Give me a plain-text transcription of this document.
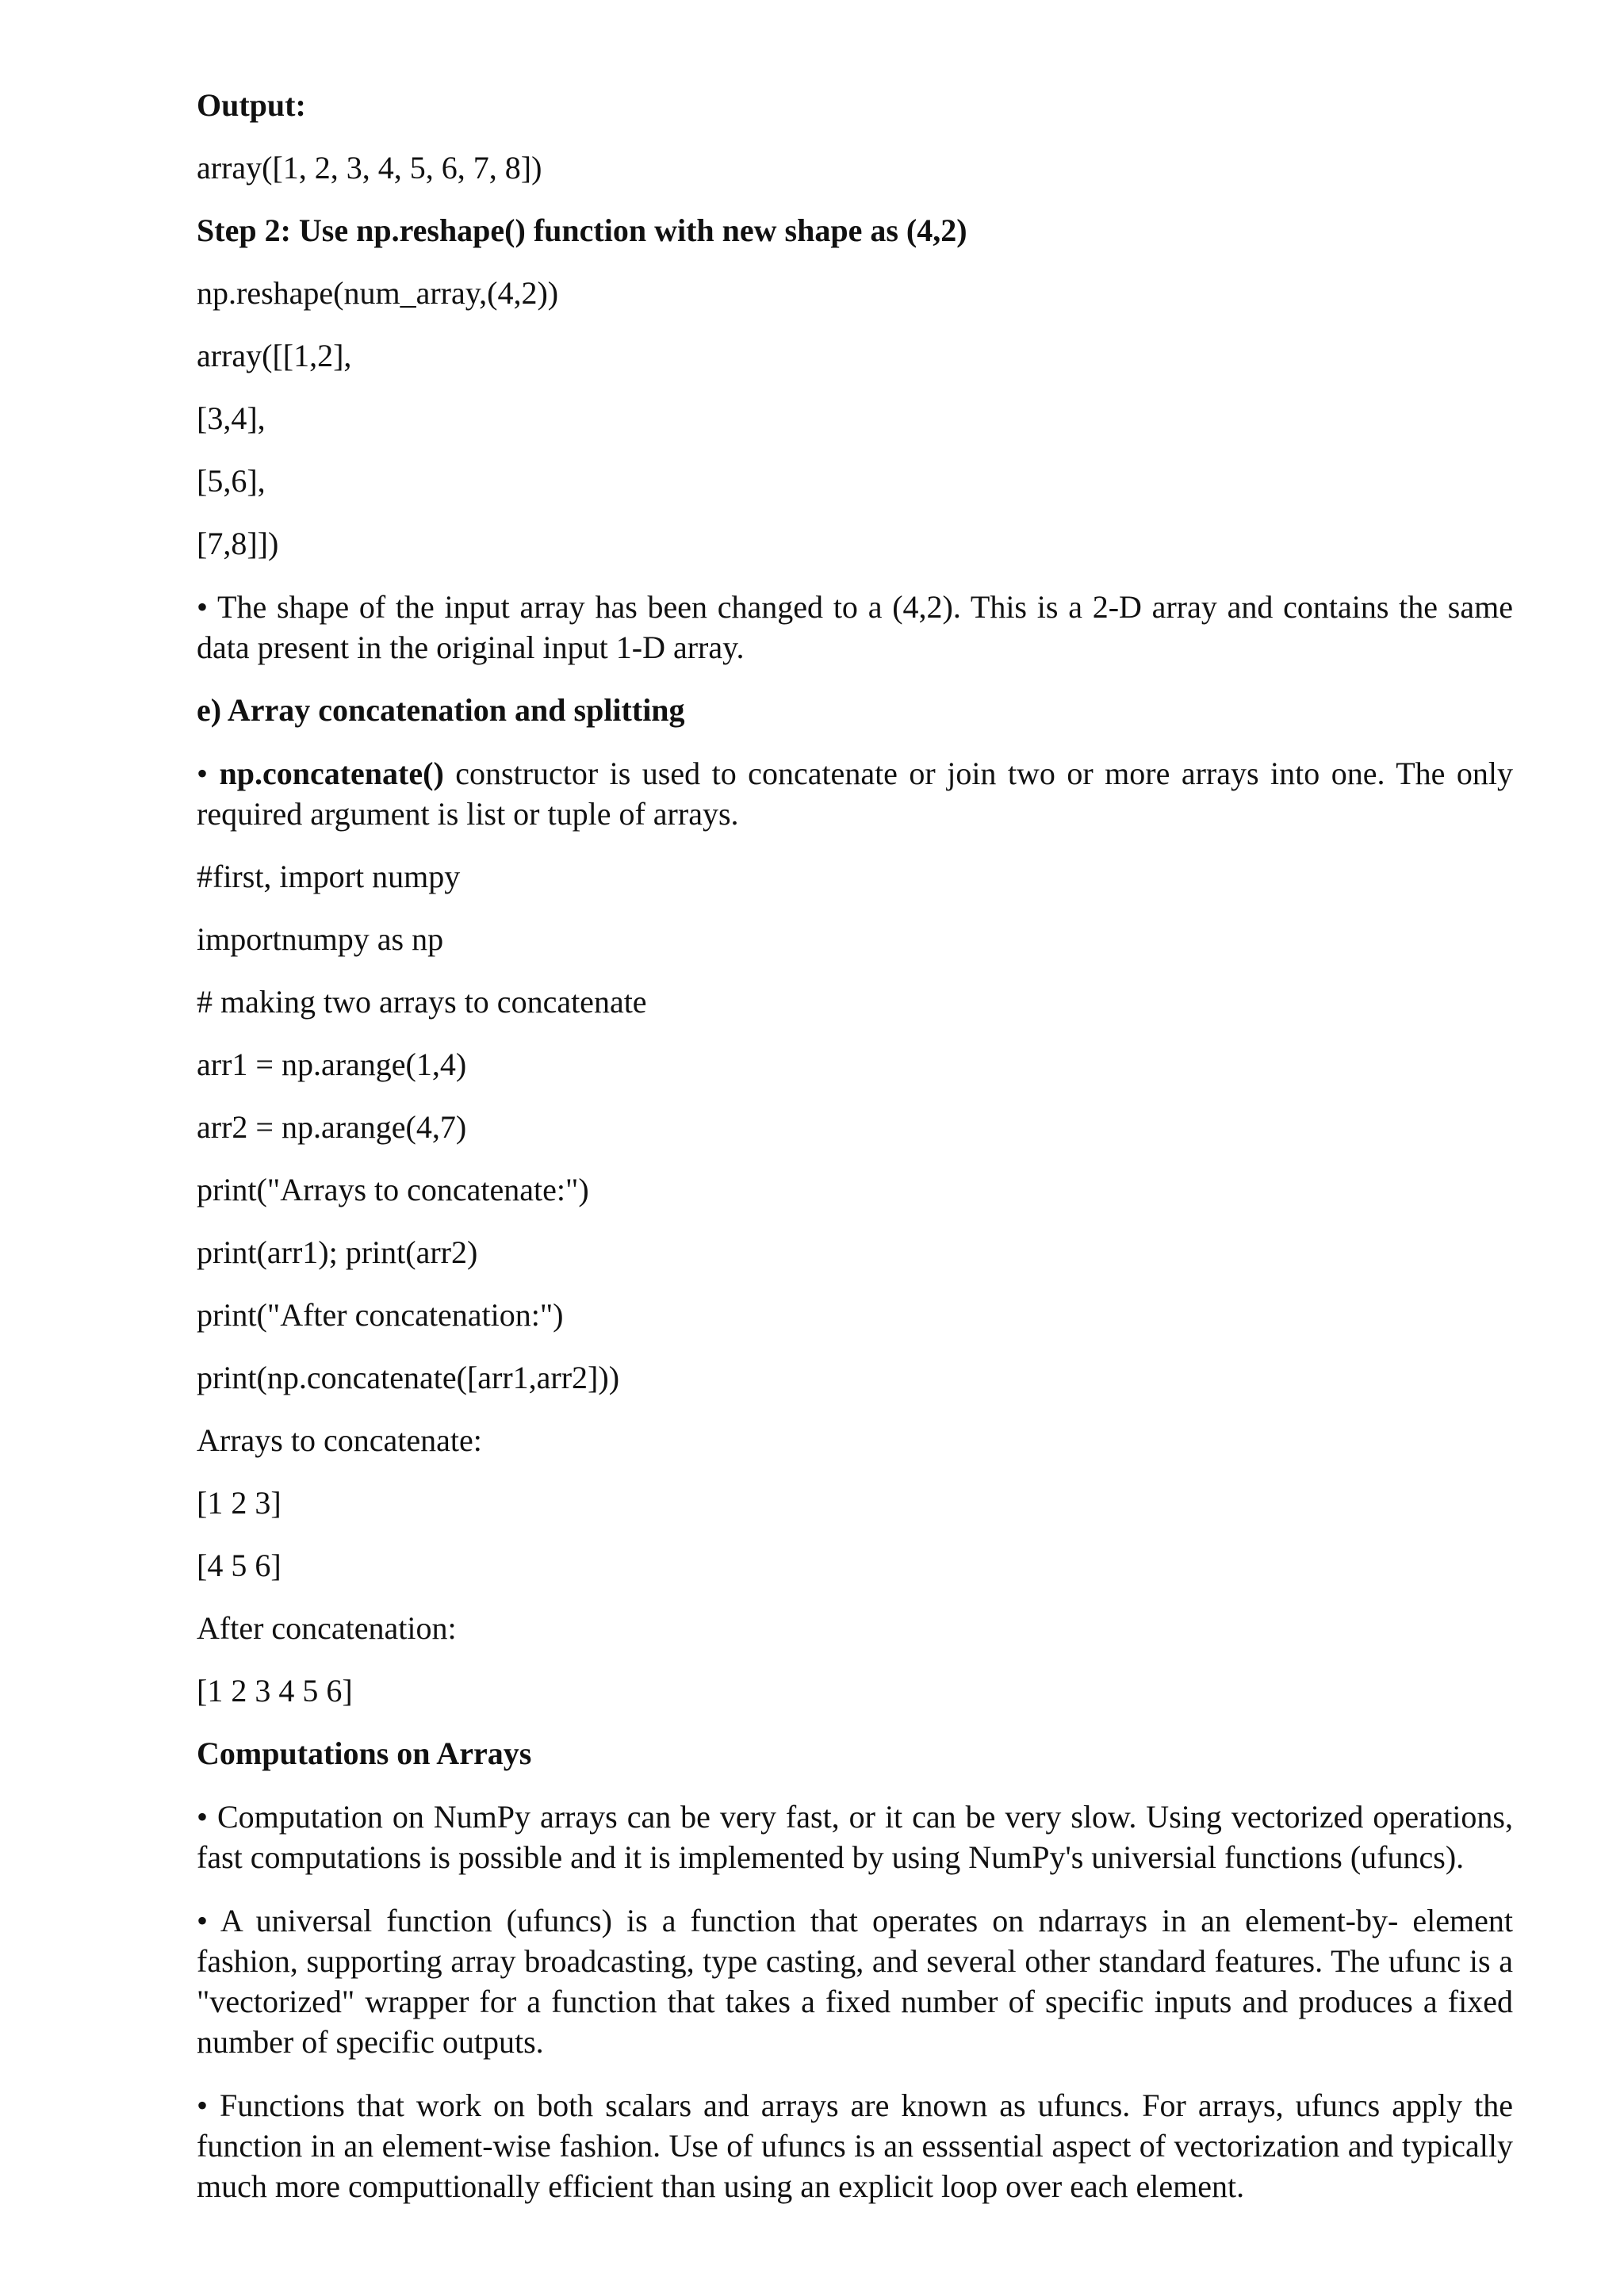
Output:
array([1, 2, 3, 4, 5, 6, 7, 8])
Step 2: Use np.reshape() function with new shape as (4,2)
np.reshape(num_array,(4,2))
array([[1,2],
[3,4],
[5,6],
[7,8]])
• The shape of the input array has been changed to a (4,2). This is a 2-D array and contains the same data present in the original input 1-D array.
e) Array concatenation and splitting
• np.concatenate() constructor is used to concatenate or join two or more arrays into one. The only required argument is list or tuple of arrays.
#first, import numpy
importnumpy as np
# making two arrays to concatenate
arr1 = np.arange(1,4)
arr2 = np.arange(4,7)
print("Arrays to concatenate:")
print(arr1); print(arr2)
print("After concatenation:")
print(np.concatenate([arr1,arr2]))
Arrays to concatenate:
[1 2 3]
[4 5 6]
After concatenation:
[1 2 3 4 5 6]
Computations on Arrays
• Computation on NumPy arrays can be very fast, or it can be very slow. Using vectorized operations, fast computations is possible and it is implemented by using NumPy's universial functions (ufuncs).
• A universal function (ufuncs) is a function that operates on ndarrays in an element-by- element fashion, supporting array broadcasting, type casting, and several other standard features. The ufunc is a "vectorized" wrapper for a function that takes a fixed number of specific inputs and produces a fixed number of specific outputs.
• Functions that work on both scalars and arrays are known as ufuncs. For arrays, ufuncs apply the function in an element-wise fashion. Use of ufuncs is an esssential aspect of vectorization and typically much more computtionally efficient than using an explicit loop over each element.
